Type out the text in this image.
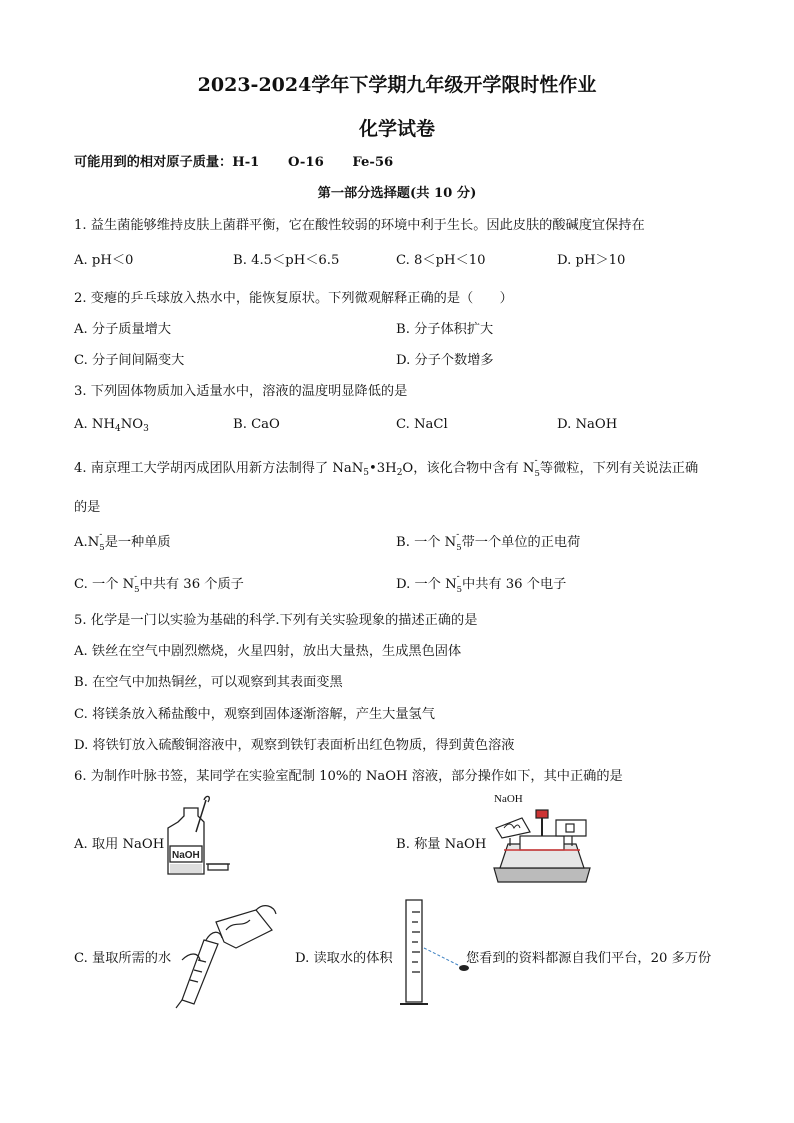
2023-2024学年下学期九年级开学限时性作业
化学试卷
可能用到的相对原子质量：H-1 O-16 Fe-56
第一部分选择题(共 10 分)
1. 益生菌能够维持皮肤上菌群平衡，它在酸性较弱的环境中利于生长。因此皮肤的酸碱度宜保持在
A. pH＜0	B. 4.5＜pH＜6.5	C. 8＜pH＜10	D. pH＞10
2. 变瘪的乒乓球放入热水中，能恢复原状。下列微观解释正确的是（　　）
A. 分子质量增大	B. 分子体积扩大
C. 分子间间隔变大	D. 分子个数增多
3. 下列固体物质加入适量水中，溶液的温度明显降低的是
A. $NH_4NO_3$	B. CaO	C. NaCl	D. NaOH
4. 南京理工大学胡丙成团队用新方法制得了 $NaN_5•3H_2O$，该化合物中含有 $N_5$
- 等微粒，下列有关说法正确
的是
$A.N_5$
- 是一种单质	B. 一个 $N_5$
- 带一个单位的正电荷
C. 一个 $N_5$
- 中共有 36 个质子	D. 一个 $N_5$
- 中共有 36 个电子
5. 化学是一门以实验为基础的科学.下列有关实验现象的描述正确的是
A. 铁丝在空气中剧烈燃烧，火星四射，放出大量热，生成黑色固体
B. 在空气中加热铜丝，可以观察到其表面变黑
C. 将镁条放入稀盐酸中，观察到固体逐渐溶解，产生大量氢气
D. 将铁钉放入硫酸铜溶液中，观察到铁钉表面析出红色物质，得到黄色溶液
6. 为制作叶脉书签，某同学在实验室配制 10%的 NaOH 溶液，部分操作如下，其中正确的是
A. 取用 NaOH
NaOH
B. 称量 NaOH
NaOH
C. 量取所需的水	D. 读取水的体积	您看到的资料都源自我们平台，20 多万份
